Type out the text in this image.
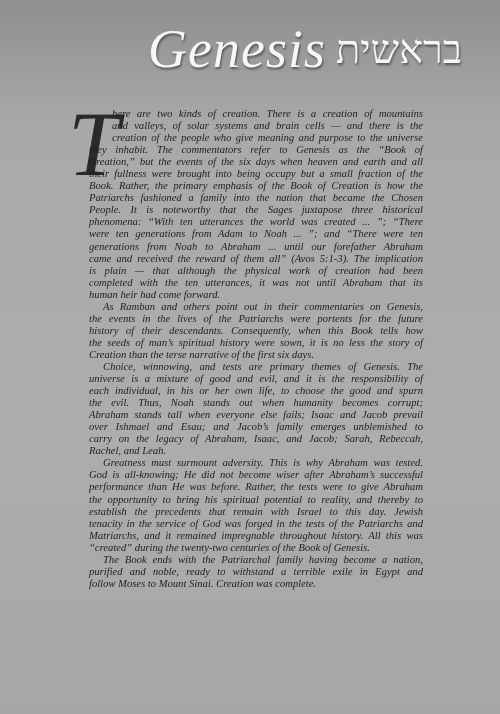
Genesis בראשית
T

here are two kinds of creation. There is a creation of mountains
and valleys, of solar systems and brain cells — and there is the
creation of the people who give meaning and purpose to the universe
they inhabit. The commentators refer to Genesis as the “Book of
Creation,” but the events of the six days when heaven and earth and all
their fullness were brought into being occupy but a small fraction of the
Book. Rather, the primary emphasis of the Book of Creation is how the
Patriarchs fashioned a family into the nation that became the Chosen
People. It is noteworthy that the Sages juxtapose three historical
phenomena: “With ten utterances the world was created ... ”; “There
were ten generations from Adam to Noah ... ”; and “There were ten
generations from Noah to Abraham ... until our forefather Abraham
came and received the reward of them all” (Avos 5:1-3). The implication
is plain — that although the physical work of creation had been
completed with the ten utterances, it was not until Abraham that its
human heir had come forward.

As Ramban and others point out in their commentaries on Genesis,
the events in the lives of the Patriarchs were portents for the future
history of their descendants. Consequently, when this Book tells how
the seeds of man’s spiritual history were sown, it is no less the story of
Creation than the terse narrative of the first six days.

Choice, winnowing, and tests are primary themes of Genesis. The
universe is a mixture of good and evil, and it is the responsibility of
each individual, in his or her own life, to choose the good and spurn
the evil. Thus, Noah stands out when humanity becomes corrupt;
Abraham stands tall when everyone else fails; Isaac and Jacob prevail
over Ishmael and Esau; and Jacob’s family emerges unblemished to
carry on the legacy of Abraham, Isaac, and Jacob; Sarah, Rebeccah,
Rachel, and Leah.

Greatness must surmount adversity. This is why Abraham was tested.
God is all-knowing; He did not become wiser after Abraham’s successful
performance than He was before. Rather, the tests were to give Abraham
the opportunity to bring his spiritual potential to reality, and thereby to
establish the precedents that remain with Israel to this day. Jewish
tenacity in the service of God was forged in the tests of the Patriarchs and
Matriarchs, and it remained impregnable throughout history. All this was
“created” during the twenty-two centuries of the Book of Genesis.

The Book ends with the Patriarchal family having become a nation,
purified and noble, ready to withstand a terrible exile in Egypt and
follow Moses to Mount Sinai. Creation was complete.
